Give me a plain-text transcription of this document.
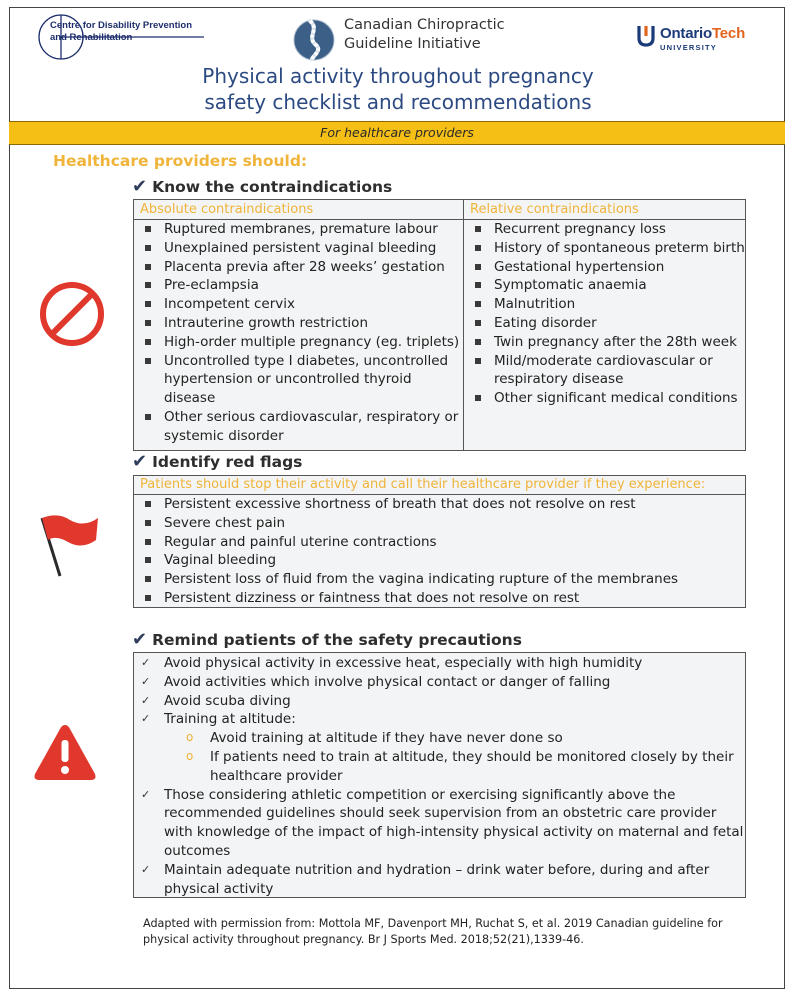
Centre for Disability Prevention
and Rehabilitation
Canadian Chiropractic
Guideline Initiative
OntarioTech
UNIVERSITY
Physical activity throughout pregnancy
safety checklist and recommendations
For healthcare providers
Healthcare providers should:
✔ Know the contraindications
Absolute contraindications
Ruptured membranes, premature labour
Unexplained persistent vaginal bleeding
Placenta previa after 28 weeks’ gestation
Pre-eclampsia
Incompetent cervix
Intrauterine growth restriction
High-order multiple pregnancy (eg. triplets)
Uncontrolled type I diabetes, uncontrolled hypertension or uncontrolled thyroid disease
Other serious cardiovascular, respiratory or systemic disorder

Relative contraindications
Recurrent pregnancy loss
History of spontaneous preterm birth
Gestational hypertension
Symptomatic anaemia
Malnutrition
Eating disorder
Twin pregnancy after the 28th week
Mild/moderate cardiovascular or respiratory disease
Other significant medical conditions
✔ Identify red flags
Patients should stop their activity and call their healthcare provider if they experience:
Persistent excessive shortness of breath that does not resolve on rest
Severe chest pain
Regular and painful uterine contractions
Vaginal bleeding
Persistent loss of fluid from the vagina indicating rupture of the membranes
Persistent dizziness or faintness that does not resolve on rest
✔ Remind patients of the safety precautions
✓ Avoid physical activity in excessive heat, especially with high humidity
✓ Avoid activities which involve physical contact or danger of falling
✓ Avoid scuba diving
✓ Training at altitude:
o Avoid training at altitude if they have never done so
o If patients need to train at altitude, they should be monitored closely by their healthcare provider
✓ Those considering athletic competition or exercising significantly above the recommended guidelines should seek supervision from an obstetric care provider with knowledge of the impact of high-intensity physical activity on maternal and fetal outcomes
✓ Maintain adequate nutrition and hydration – drink water before, during and after physical activity
Adapted with permission from: Mottola MF, Davenport MH, Ruchat S, et al. 2019 Canadian guideline for physical activity throughout pregnancy. Br J Sports Med. 2018;52(21),1339-46.
